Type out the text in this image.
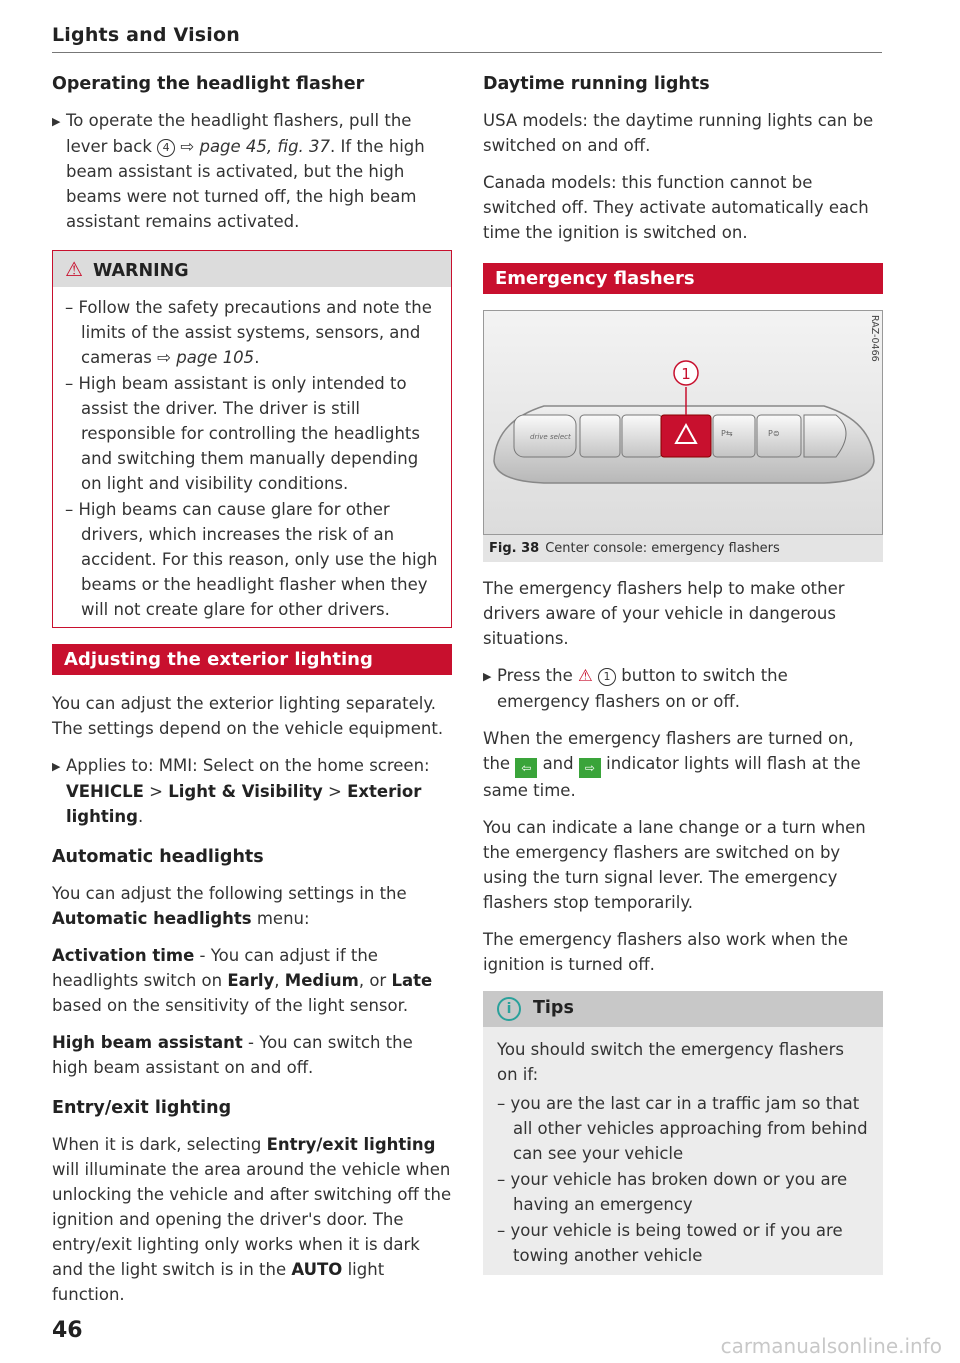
Lights and Vision
Operating the headlight flasher
▶ To operate the headlight flashers, pull the lever back 4 ⇨ page 45, fig. 37. If the high beam assistant is activated, but the high beams were not turned off, the high beam assistant remains activated.
⚠ WARNING
– Follow the safety precautions and note the limits of the assist systems, sensors, and cameras ⇨ page 105.
– High beam assistant is only intended to assist the driver. The driver is still responsible for controlling the headlights and switching them manually depending on light and visibility conditions.
– High beams can cause glare for other drivers, which increases the risk of an accident. For this reason, only use the high beams or the headlight flasher when they will not create glare for other drivers.
Adjusting the exterior lighting

You can adjust the exterior lighting separately. The settings depend on the vehicle equipment.

▶ Applies to: MMI: Select on the home screen: VEHICLE > Light & Visibility > Exterior lighting.
Automatic headlights

You can adjust the following settings in the Automatic headlights menu:

Activation time - You can adjust if the headlights switch on Early, Medium, or Late based on the sensitivity of the light sensor.

High beam assistant - You can switch the high beam assistant on and off.

Entry/exit lighting

When it is dark, selecting Entry/exit lighting will illuminate the area around the vehicle when unlocking the vehicle and after switching off the ignition and opening the driver's door. The entry/exit lighting only works when it is dark and the light switch is in the AUTO light function.

Daytime running lights

USA models: the daytime running lights can be switched on and off.

Canada models: this function cannot be switched off. They activate automatically each time the ignition is switched on.

Emergency flashers
RAZ-0466
drive select	P⇆	P⊜
1
Fig. 38 Center console: emergency flashers

The emergency flashers help to make other drivers aware of your vehicle in dangerous situations.

▶ Press the ⚠ 1 button to switch the emergency flashers on or off.

When the emergency flashers are turned on, the ⇦ and ⇨ indicator lights will flash at the same time.

You can indicate a lane change or a turn when the emergency flashers are switched on by using the turn signal lever. The emergency flashers stop temporarily.

The emergency flashers also work when the ignition is turned off.

i Tips

You should switch the emergency flashers on if:

– you are the last car in a traffic jam so that all other vehicles approaching from behind can see your vehicle
– your vehicle has broken down or you are having an emergency
– your vehicle is being towed or if you are towing another vehicle
46
carmanualsonline.info
